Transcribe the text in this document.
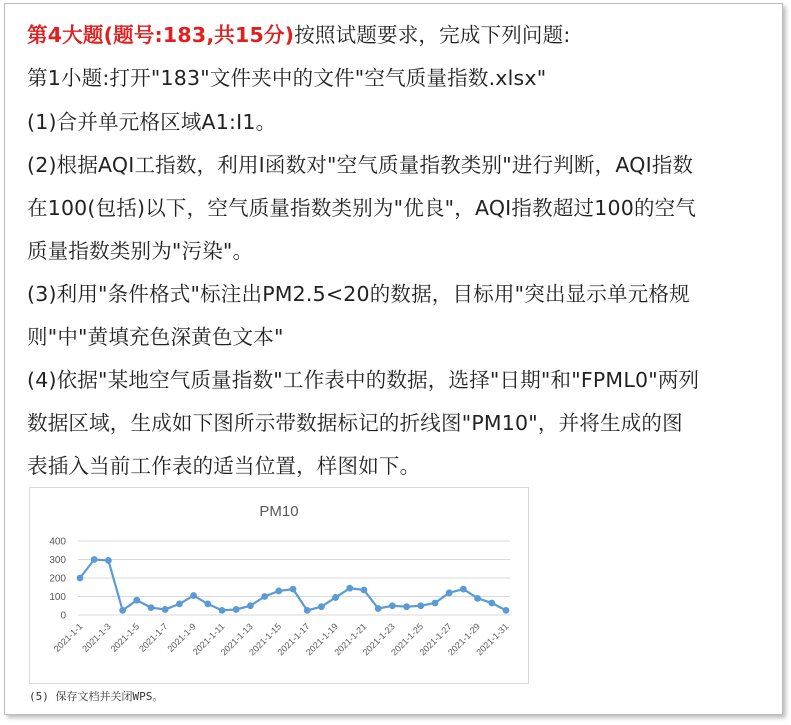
第4大题(题号:183,共15分)按照试题要求，完成下列问题:
第1小题:打开"183"文件夹中的文件"空气质量指数.xlsx"
(1)合并单元格区域A1:I1。
(2)根据AQI工指数，利用I函数对"空气质量指教类别"进行判断，AQI指数
在100(包括)以下，空气质量指数类别为"优良"，AQI指教超过100的空气
质量指数类别为"污染"。
(3)利用"条件格式"标注出PM2.5<20的数据，目标用"突出显示单元格规
则"中"黄填充色深黄色文本"
(4)依据"某地空气质量指数"工作表中的数据，选择"日期"和"FPML0"两列
数据区域，生成如下图所示带数据标记的折线图"PM10"，并将生成的图
表插入当前工作表的适当位置，样图如下。
0
100
200
300
400
2021-1-1
2021-1-3
2021-1-5
2021-1-7
2021-1-9
2021-1-11
2021-1-13
2021-1-15
2021-1-17
2021-1-19
2021-1-21
2021-1-23
2021-1-25
2021-1-27
2021-1-29
2021-1-31
PM10
(5) 保存文档并关闭WPS。
